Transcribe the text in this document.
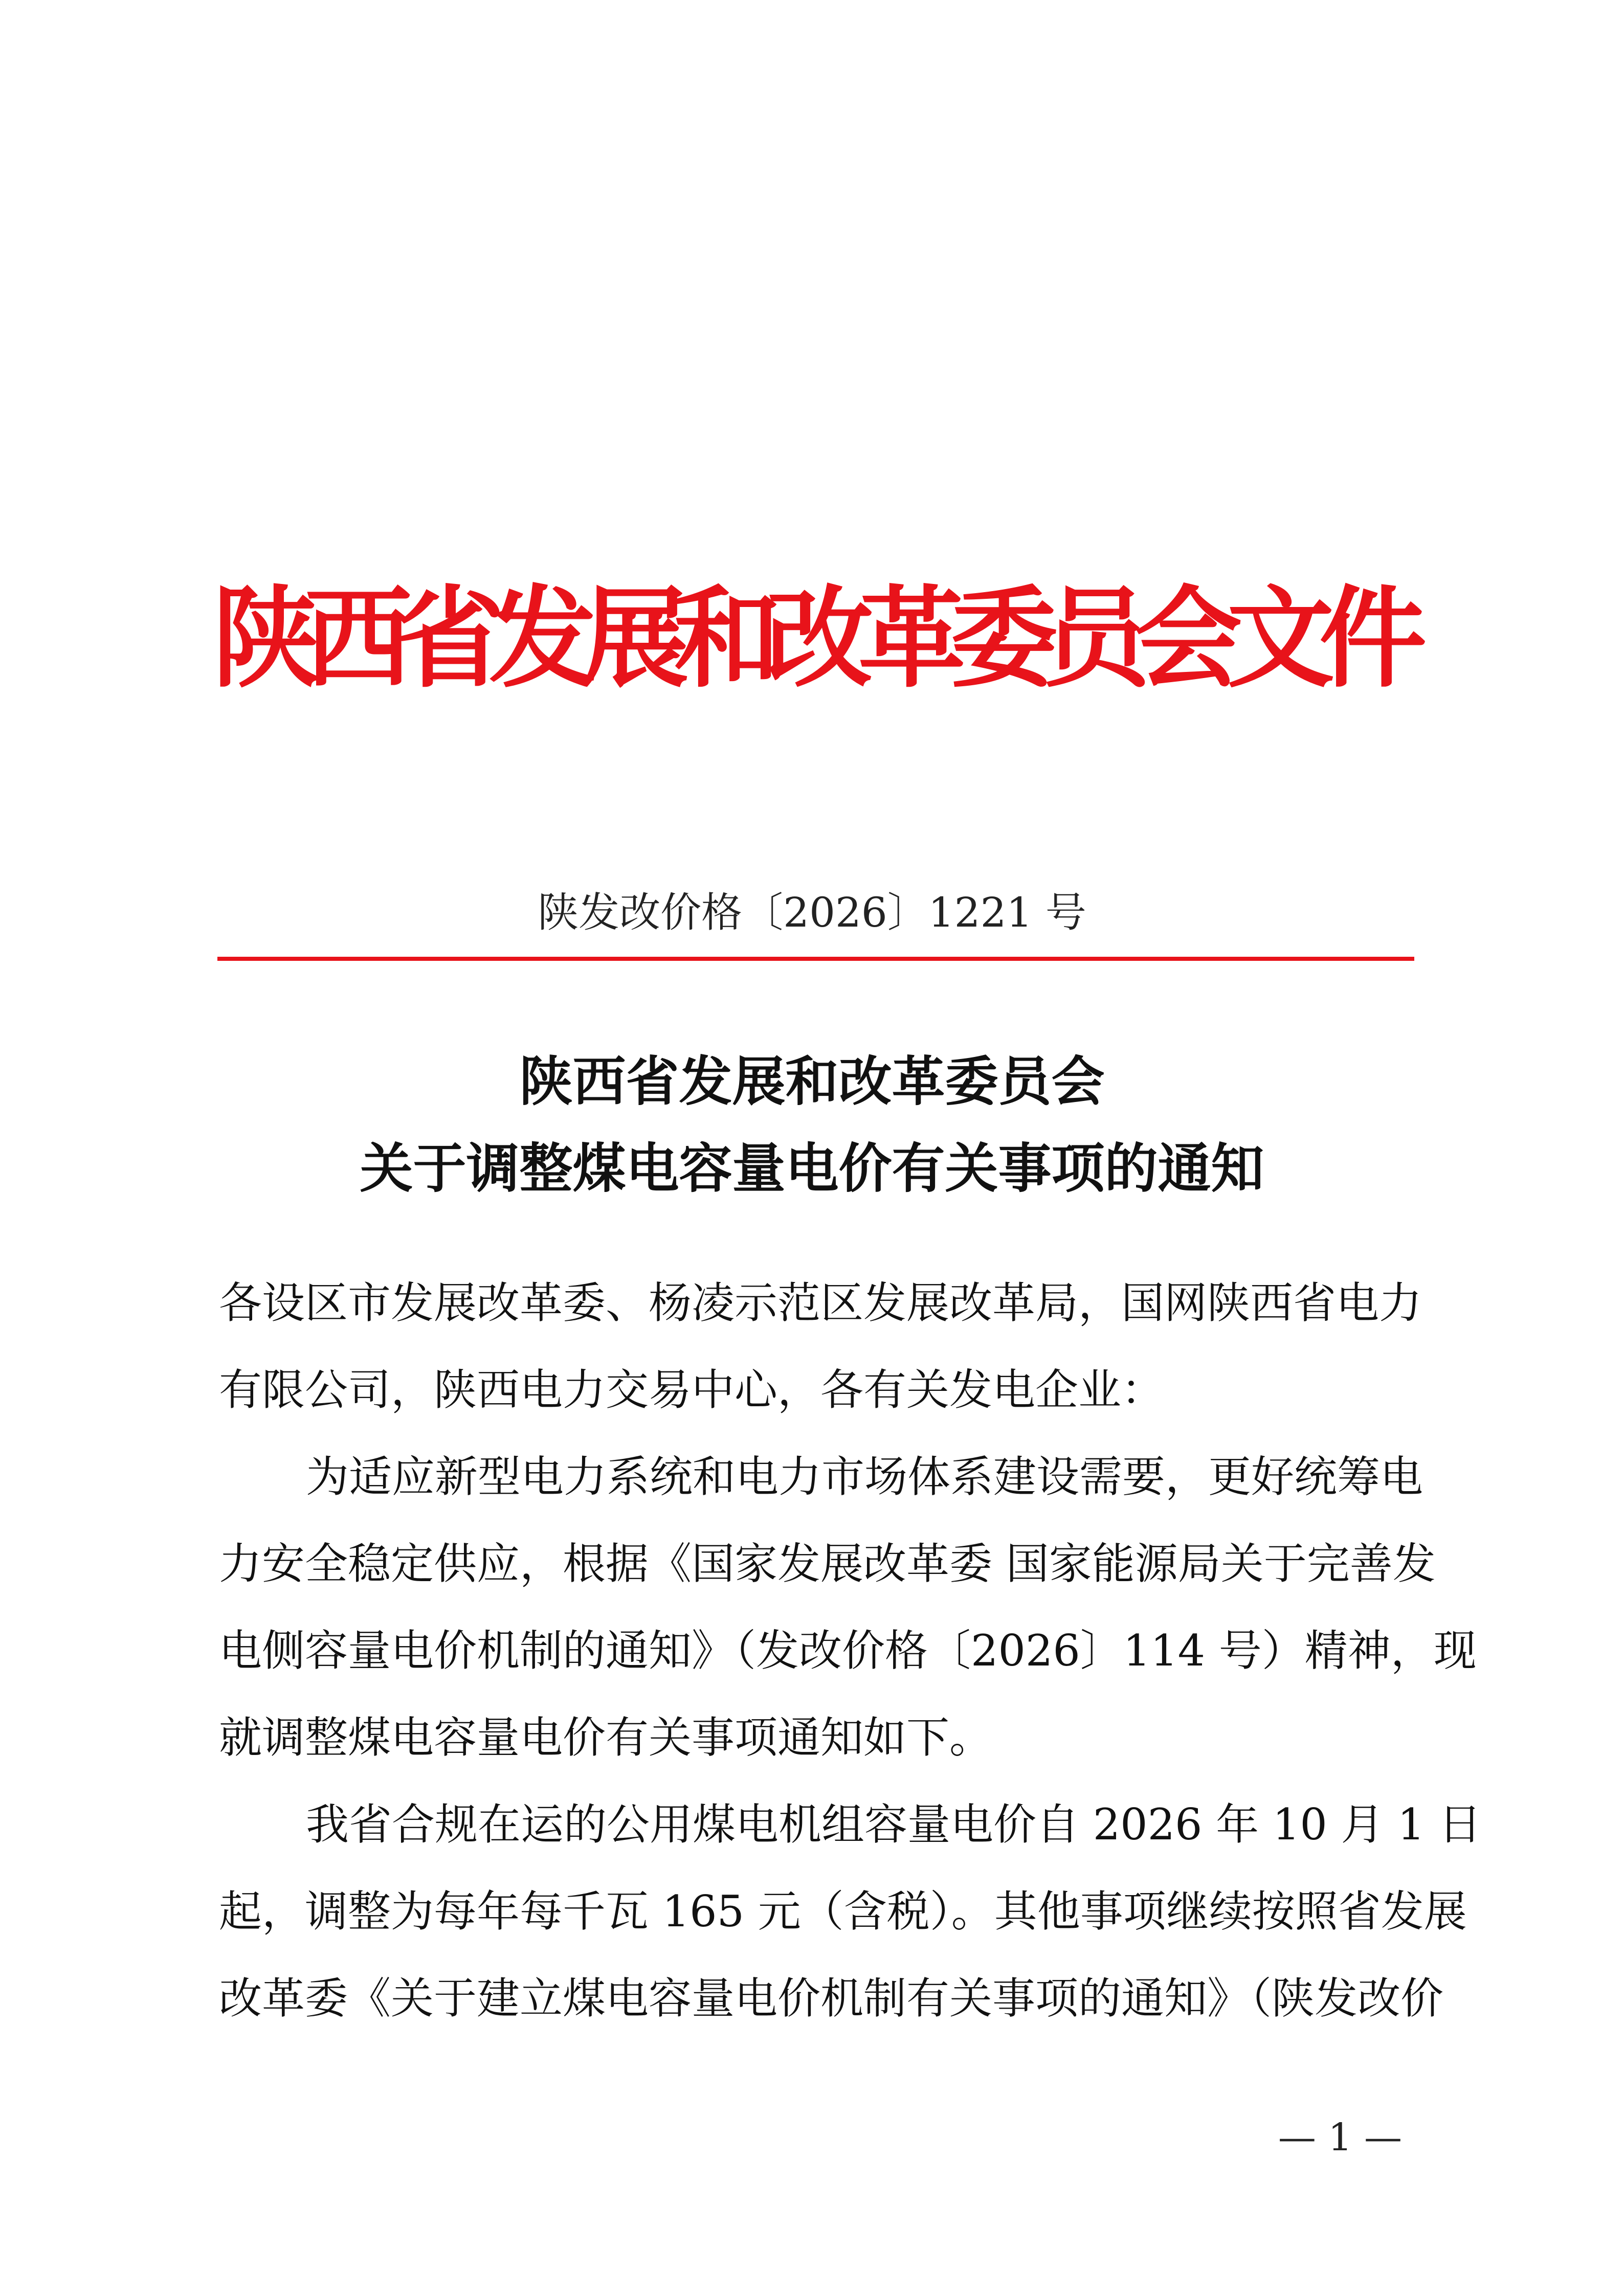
陕西省发展和改革委员会文件
陕发改价格〔2026〕1221 号
陕西省发展和改革委员会
关于调整煤电容量电价有关事项的通知
各设区市发展改革委、杨凌示范区发展改革局，国网陕西省电力
有限公司，陕西电力交易中心，各有关发电企业：
为适应新型电力系统和电力市场体系建设需要，更好统筹电
力安全稳定供应，根据《国家发展改革委 国家能源局关于完善发
电侧容量电价机制的通知》（发改价格〔2026〕114 号）精神，现
就调整煤电容量电价有关事项通知如下。
我省合规在运的公用煤电机组容量电价自 2026 年 10 月 1 日
起，调整为每年每千瓦 165 元（含税）。其他事项继续按照省发展
改革委《关于建立煤电容量电价机制有关事项的通知》（陕发改价
— 1 —
